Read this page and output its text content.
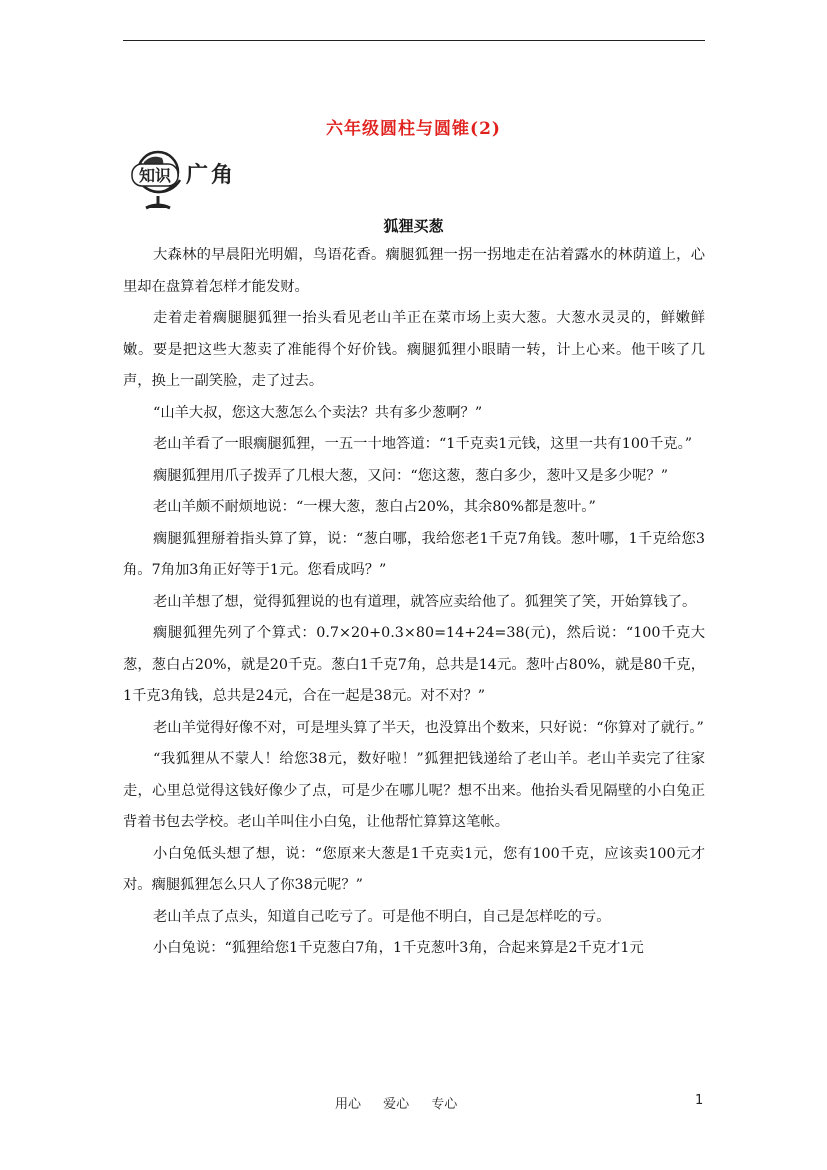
六年级圆柱与圆锥(2)
知识 广角
狐狸买葱

大森林的早晨阳光明媚，鸟语花香。瘸腿狐狸一拐一拐地走在沾着露水的林荫道上，心里却在盘算着怎样才能发财。

走着走着瘸腿腿狐狸一抬头看见老山羊正在菜市场上卖大葱。大葱水灵灵的，鲜嫩鲜嫩。要是把这些大葱卖了准能得个好价钱。瘸腿狐狸小眼睛一转，计上心来。他干咳了几声，换上一副笑脸，走了过去。

“山羊大叔，您这大葱怎么个卖法？共有多少葱啊？”

老山羊看了一眼瘸腿狐狸，一五一十地答道：“1千克卖1元钱，这里一共有100千克。”

瘸腿狐狸用爪子拨弄了几根大葱，又问：“您这葱，葱白多少，葱叶又是多少呢？”

老山羊颇不耐烦地说：“一棵大葱，葱白占20%，其余80%都是葱叶。”

瘸腿狐狸掰着指头算了算，说：“葱白哪，我给您老1千克7角钱。葱叶哪，1千克给您3角。7角加3角正好等于1元。您看成吗？”

老山羊想了想，觉得狐狸说的也有道理，就答应卖给他了。狐狸笑了笑，开始算钱了。

瘸腿狐狸先列了个算式：0.7×20+0.3×80=14+24=38(元)，然后说：“100千克大葱，葱白占20%，就是20千克。葱白1千克7角，总共是14元。葱叶占80%，就是80千克，1千克3角钱，总共是24元，合在一起是38元。对不对？”

老山羊觉得好像不对，可是埋头算了半天，也没算出个数来，只好说：“你算对了就行。”

“我狐狸从不蒙人！给您38元，数好啦！”狐狸把钱递给了老山羊。老山羊卖完了往家走，心里总觉得这钱好像少了点，可是少在哪儿呢？想不出来。他抬头看见隔壁的小白兔正背着书包去学校。老山羊叫住小白兔，让他帮忙算算这笔帐。

小白兔低头想了想，说：“您原来大葱是1千克卖1元，您有100千克，应该卖100元才对。瘸腿狐狸怎么只人了你38元呢？”

老山羊点了点头，知道自己吃亏了。可是他不明白，自己是怎样吃的亏。

小白兔说：“狐狸给您1千克葱白7角，1千克葱叶3角，合起来算是2千克才1元

用心 爱心 专心	1
